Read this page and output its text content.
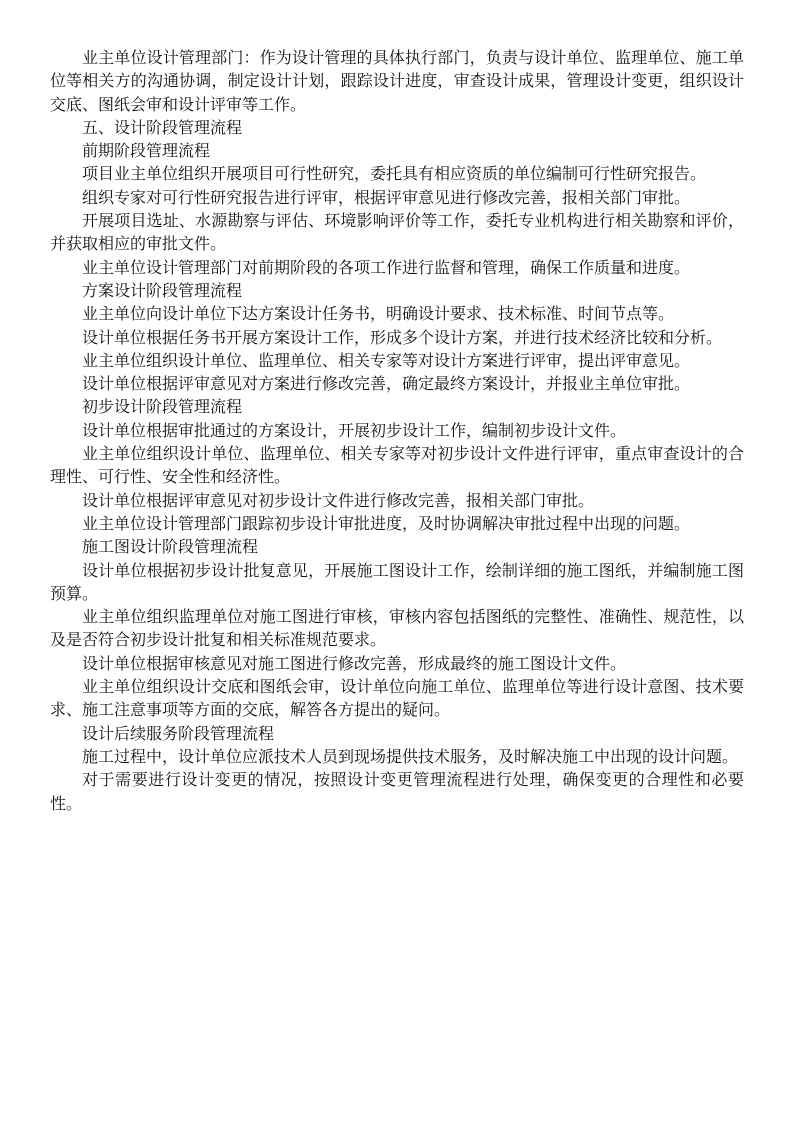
业主单位设计管理部门：作为设计管理的具体执行部门，负责与设计单位、监理单位、施工单位等相关方的沟通协调，制定设计计划，跟踪设计进度，审查设计成果，管理设计变更，组织设计交底、图纸会审和设计评审等工作。

五、设计阶段管理流程

前期阶段管理流程

项目业主单位组织开展项目可行性研究，委托具有相应资质的单位编制可行性研究报告。

组织专家对可行性研究报告进行评审，根据评审意见进行修改完善，报相关部门审批。

开展项目选址、水源勘察与评估、环境影响评价等工作，委托专业机构进行相关勘察和评价，并获取相应的审批文件。

业主单位设计管理部门对前期阶段的各项工作进行监督和管理，确保工作质量和进度。

方案设计阶段管理流程

业主单位向设计单位下达方案设计任务书，明确设计要求、技术标准、时间节点等。

设计单位根据任务书开展方案设计工作，形成多个设计方案，并进行技术经济比较和分析。

业主单位组织设计单位、监理单位、相关专家等对设计方案进行评审，提出评审意见。

设计单位根据评审意见对方案进行修改完善，确定最终方案设计，并报业主单位审批。

初步设计阶段管理流程

设计单位根据审批通过的方案设计，开展初步设计工作，编制初步设计文件。

业主单位组织设计单位、监理单位、相关专家等对初步设计文件进行评审，重点审查设计的合理性、可行性、安全性和经济性。

设计单位根据评审意见对初步设计文件进行修改完善，报相关部门审批。

业主单位设计管理部门跟踪初步设计审批进度，及时协调解决审批过程中出现的问题。

施工图设计阶段管理流程

设计单位根据初步设计批复意见，开展施工图设计工作，绘制详细的施工图纸，并编制施工图预算。

业主单位组织监理单位对施工图进行审核，审核内容包括图纸的完整性、准确性、规范性，以及是否符合初步设计批复和相关标准规范要求。

设计单位根据审核意见对施工图进行修改完善，形成最终的施工图设计文件。

业主单位组织设计交底和图纸会审，设计单位向施工单位、监理单位等进行设计意图、技术要求、施工注意事项等方面的交底，解答各方提出的疑问。

设计后续服务阶段管理流程

施工过程中，设计单位应派技术人员到现场提供技术服务，及时解决施工中出现的设计问题。

对于需要进行设计变更的情况，按照设计变更管理流程进行处理，确保变更的合理性和必要性。
